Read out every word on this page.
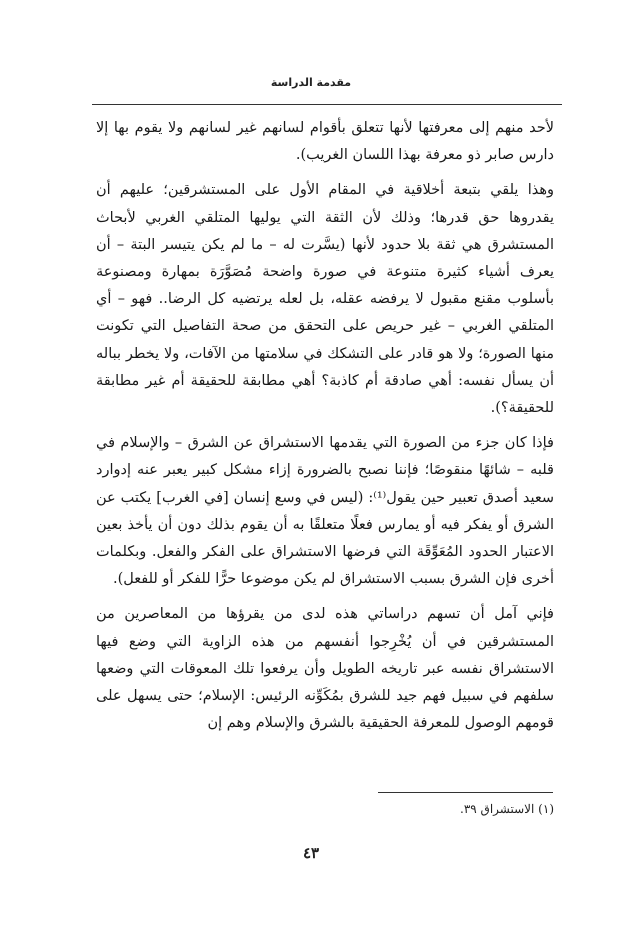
مقدمة الدراسة

لأحد منهم إلى معرفتها لأنها تتعلق بأقوام لسانهم غير لسانهم ولا يقوم بها إلا دارس صابر ذو معرفة بهذا اللسان الغريب).

وهذا يلقي بتبعة أخلاقية في المقام الأول على المستشرقين؛ عليهم أن يقدروها حق قدرها؛ وذلك لأن الثقة التي يوليها المتلقي الغربي لأبحاث المستشرق هي ثقة بلا حدود لأنها (يسَّرت له – ما لم يكن يتيسر البتة – أن يعرف أشياء كثيرة متنوعة في صورة واضحة مُصَوَّرَة بمهارة ومصنوعة بأسلوب مقنع مقبول لا يرفضه عقله، بل لعله يرتضيه كل الرضا.. فهو – أي المتلقي الغربي – غير حريص على التحقق من صحة التفاصيل التي تكونت منها الصورة؛ ولا هو قادر على التشكك في سلامتها من الآفات، ولا يخطر بباله أن يسأل نفسه: أهي صادقة أم كاذبة؟ أهي مطابقة للحقيقة أم غير مطابقة للحقيقة؟).

فإذا كان جزء من الصورة التي يقدمها الاستشراق عن الشرق – والإسلام في قلبه – شائهًا منقوصًا؛ فإننا نصبح بالضرورة إزاء مشكل كبير يعبر عنه إدوارد سعيد أصدق تعبير حين يقول⁽¹⁾: (ليس في وسع إنسان [في الغرب] يكتب عن الشرق أو يفكر فيه أو يمارس فعلًا متعلقًا به أن يقوم بذلك دون أن يأخذ بعين الاعتبار الحدود المُعَوِّقَة التي فرضها الاستشراق على الفكر والفعل. وبكلمات أخرى فإن الشرق بسبب الاستشراق لم يكن موضوعا حرًّا للفكر أو للفعل).

فإني آمل أن تسهم دراساتي هذه لدى من يقرؤها من المعاصرين من المستشرقين في أن يُخْرِجوا أنفسهم من هذه الزاوية التي وضع فيها الاستشراق نفسه عبر تاريخه الطويل وأن يرفعوا تلك المعوقات التي وضعها سلفهم في سبيل فهم جيد للشرق بمُكَوِّنه الرئيس: الإسلام؛ حتى يسهل على قومهم الوصول للمعرفة الحقيقية بالشرق والإسلام وهم إن

(١) الاستشراق ٣٩.
٤٣
